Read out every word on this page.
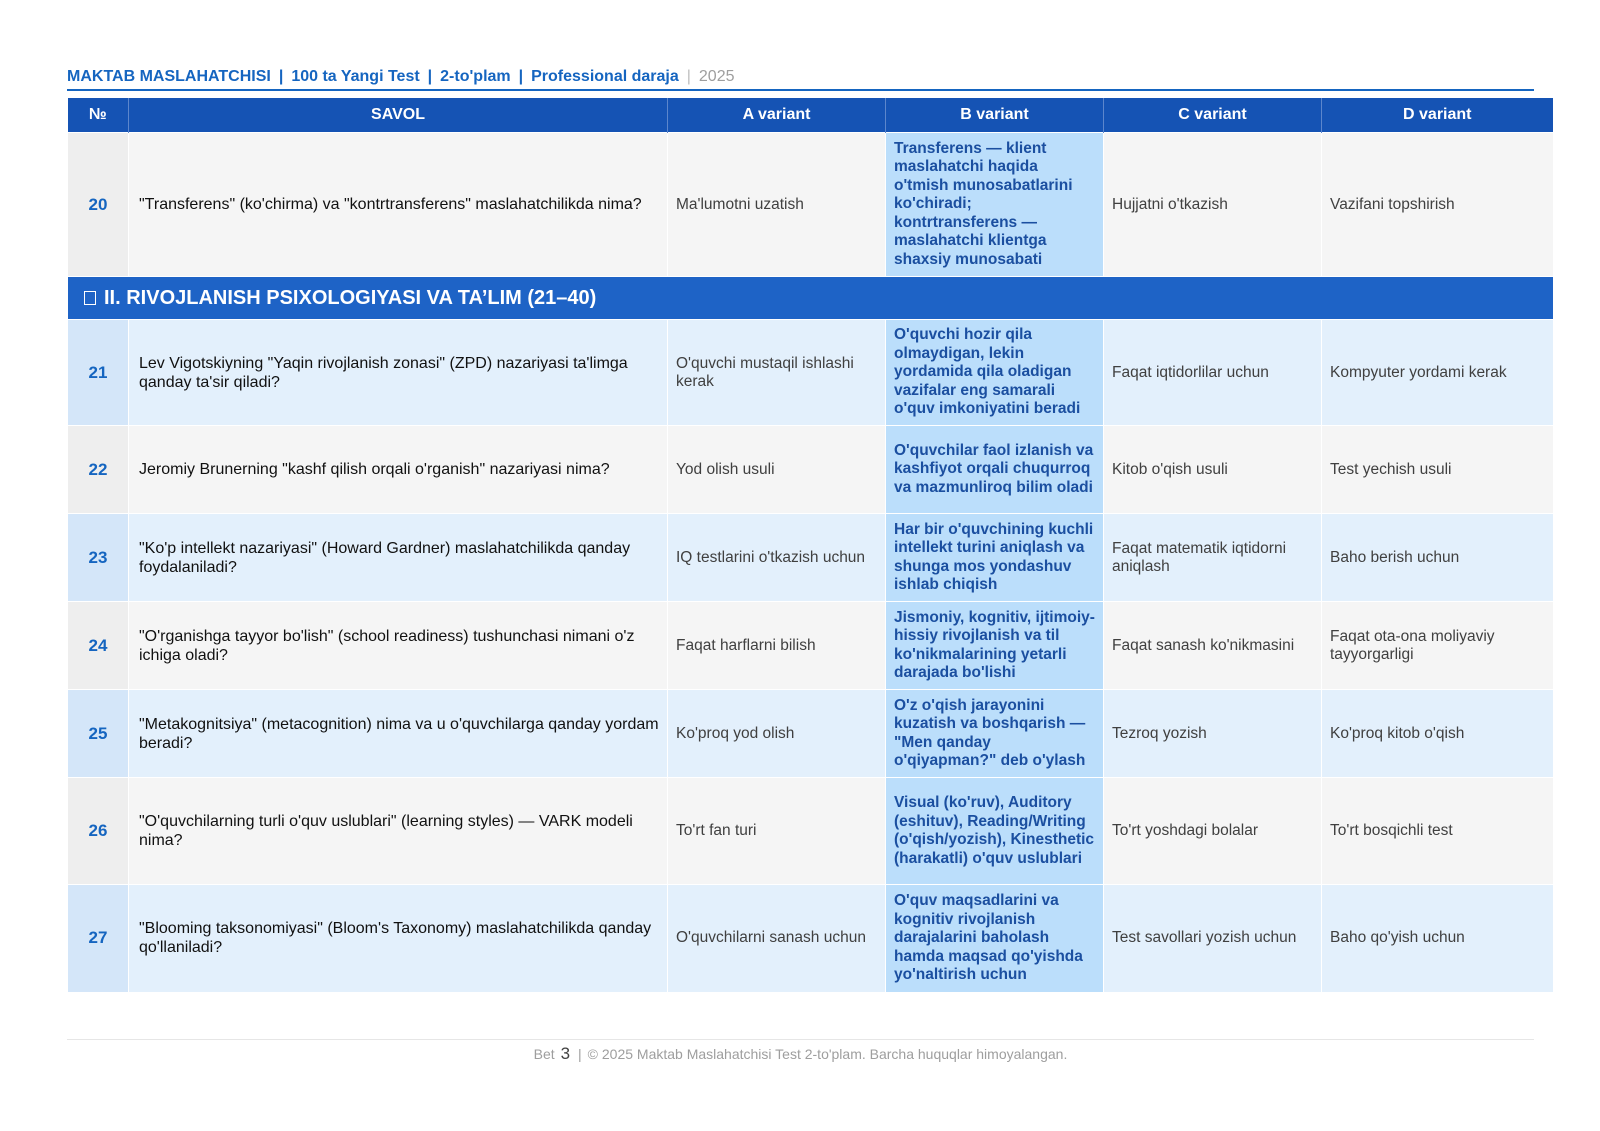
MAKTAB MASLAHATCHISI | 100 ta Yangi Test | 2-to'plam | Professional daraja | 2025
№	SAVOL	A variant	B variant	C variant	D variant
20	"Transferens" (ko'chirma) va "kontrtransferens" maslahatchilikda nima?	Ma'lumotni uzatish	Transferens — klient maslahatchi haqida o'tmish munosabatlarini ko'chiradi; kontrtransferens — maslahatchi klientga shaxsiy munosabati	Hujjatni o'tkazish	Vazifani topshirish
II. RIVOJLANISH PSIXOLOGIYASI VA TA’LIM (21–40)					
21	Lev Vigotskiyning "Yaqin rivojlanish zonasi" (ZPD) nazariyasi ta'limga qanday ta'sir qiladi?	O'quvchi mustaqil ishlashi kerak	O'quvchi hozir qila olmaydigan, lekin yordamida qila oladigan vazifalar eng samarali o'quv imkoniyatini beradi	Faqat iqtidorlilar uchun	Kompyuter yordami kerak
22	Jeromiy Brunerning "kashf qilish orqali o'rganish" nazariyasi nima?	Yod olish usuli	O'quvchilar faol izlanish va kashfiyot orqali chuqurroq va mazmunliroq bilim oladi	Kitob o'qish usuli	Test yechish usuli
23	"Ko'p intellekt nazariyasi" (Howard Gardner) maslahatchilikda qanday foydalaniladi?	IQ testlarini o'tkazish uchun	Har bir o'quvchining kuchli intellekt turini aniqlash va shunga mos yondashuv ishlab chiqish	Faqat matematik iqtidorni aniqlash	Baho berish uchun
24	"O'rganishga tayyor bo'lish" (school readiness) tushunchasi nimani o'z ichiga oladi?	Faqat harflarni bilish	Jismoniy, kognitiv, ijtimoiy-hissiy rivojlanish va til ko'nikmalarining yetarli darajada bo'lishi	Faqat sanash ko'nikmasini	Faqat ota-ona moliyaviy tayyorgarligi
25	"Metakognitsiya" (metacognition) nima va u o'quvchilarga qanday yordam beradi?	Ko'proq yod olish	O'z o'qish jarayonini kuzatish va boshqarish — "Men qanday o'qiyapman?" deb o'ylash	Tezroq yozish	Ko'proq kitob o'qish
26	"O'quvchilarning turli o'quv uslublari" (learning styles) — VARK modeli nima?	To'rt fan turi	Visual (ko'ruv), Auditory (eshituv), Reading/Writing (o'qish/yozish), Kinesthetic (harakatli) o'quv uslublari	To'rt yoshdagi bolalar	To'rt bosqichli test
27	"Blooming taksonomiyasi" (Bloom's Taxonomy) maslahatchilikda qanday qo'llaniladi?	O'quvchilarni sanash uchun	O'quv maqsadlarini va kognitiv rivojlanish darajalarini baholash hamda maqsad qo'yishda yo'naltirish uchun	Test savollari yozish uchun	Baho qo'yish uchun
Bet 3 | © 2025 Maktab Maslahatchisi Test 2-to'plam. Barcha huquqlar himoyalangan.
